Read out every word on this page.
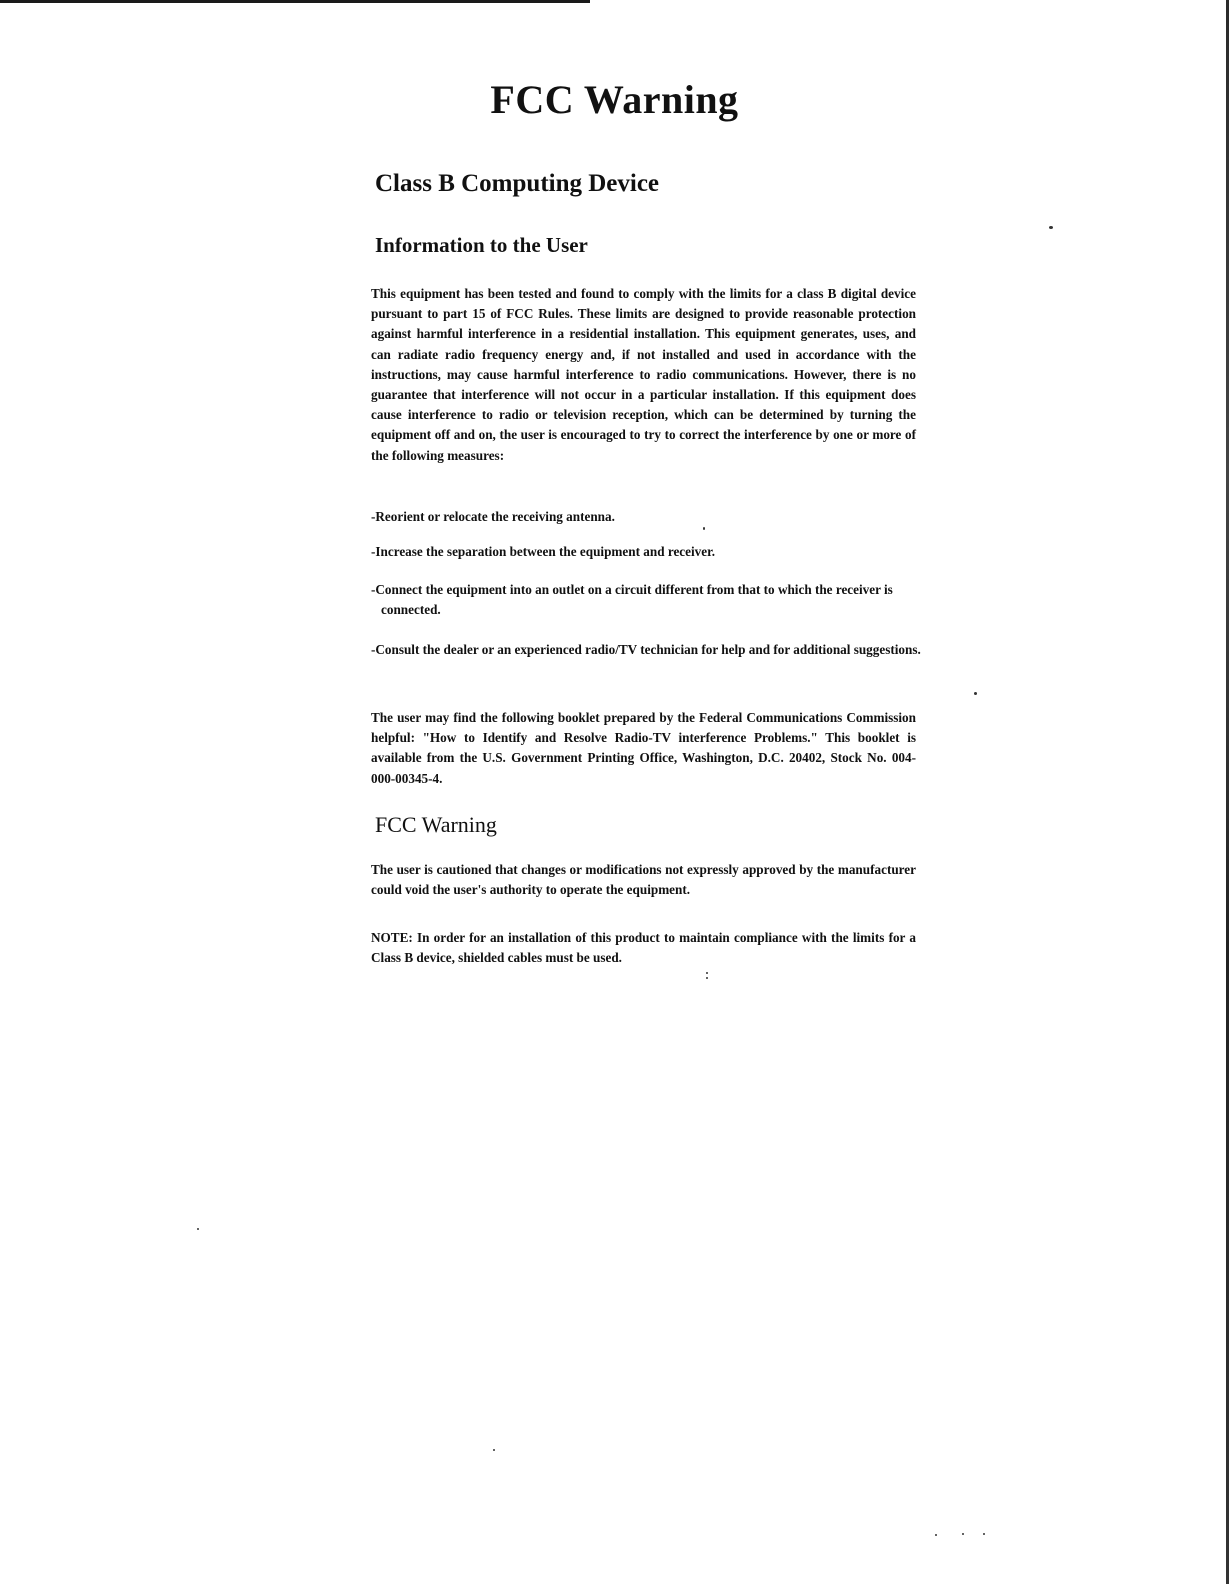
FCC Warning
Class B Computing Device
Information to the User

This equipment has been tested and found to comply with the limits for a class B digital device pursuant to part 15 of FCC Rules. These limits are designed to provide reasonable protection against harmful interference in a residential installation. This equipment generates, uses, and can radiate radio frequency energy and, if not installed and used in accordance with the instructions, may cause harmful interference to radio communications. However, there is no guarantee that interference will not occur in a particular installation. If this equipment does cause interference to radio or television reception, which can be determined by turning the equipment off and on, the user is encouraged to try to correct the interference by one or more of the following measures:

-Reorient or relocate the receiving antenna.

-Increase the separation between the equipment and receiver.

-Connect the equipment into an outlet on a circuit different from that to which the receiver is connected.

-Consult the dealer or an experienced radio/TV technician for help and for additional suggestions.

The user may find the following booklet prepared by the Federal Communications Commission helpful: "How to Identify and Resolve Radio-TV interference Problems." This booklet is available from the U.S. Government Printing Office, Washington, D.C. 20402, Stock No. 004-000-00345-4.

FCC Warning

The user is cautioned that changes or modifications not expressly approved by the manufacturer could void the user's authority to operate the equipment.

NOTE: In order for an installation of this product to maintain compliance with the limits for a Class B device, shielded cables must be used.
